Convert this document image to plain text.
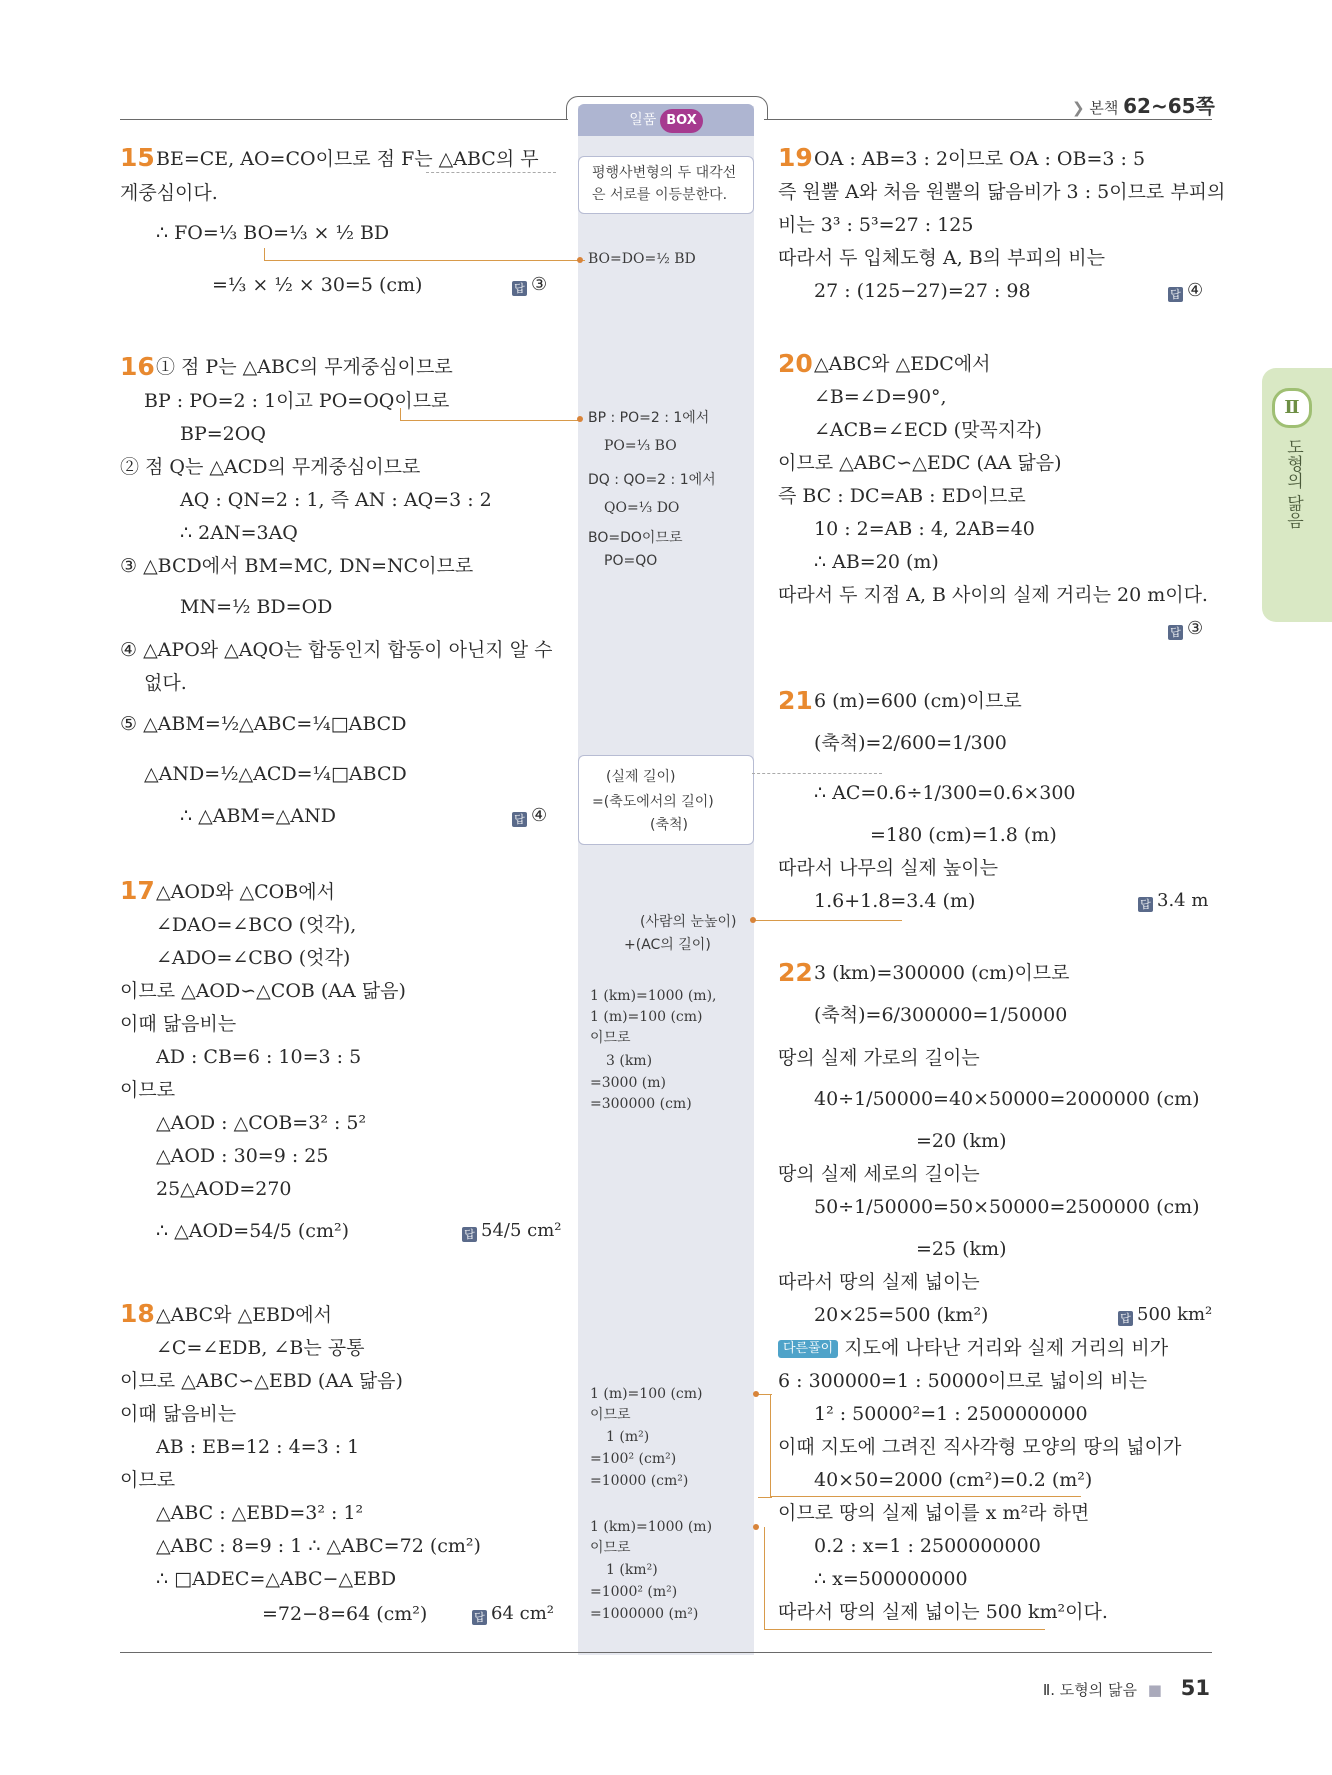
❯ 본책 62~65쪽
일품 BOX
평행사변형의 두 대각선
은 서로를 이등분한다.
BO=DO=½ BD
BP : PO=2 : 1에서
PO=⅓ BO
DQ : QO=2 : 1에서
QO=⅓ DO
BO=DO이므로
PO=QO
(실제 길이)
=(축도에서의 길이)
(축척)
(사람의 눈높이)
+(AC의 길이)
1 (km)=1000 (m),
1 (m)=100 (cm)
이므로
3 (km)
=3000 (m)
=300000 (cm)
1 (m)=100 (cm)
이므로
1 (m²)
=100² (cm²)
=10000 (cm²)
1 (km)=1000 (m)
이므로
1 (km²)
=1000² (m²)
=1000000 (m²)
15 BE=CE, AO=CO이므로 점 F는 △ABC의 무
게중심이다.
∴ FO=⅓ BO=⅓ × ½ BD
=⅓ × ½ × 30=5 (cm)	답 ③
16 ① 점 P는 △ABC의 무게중심이므로
BP : PO=2 : 1이고 PO=OQ이므로
BP=2OQ
② 점 Q는 △ACD의 무게중심이므로
AQ : QN=2 : 1, 즉 AN : AQ=3 : 2
∴ 2AN=3AQ
③ △BCD에서 BM=MC, DN=NC이므로
MN=½ BD=OD
④ △APO와 △AQO는 합동인지 합동이 아닌지 알 수
없다.
⑤ △ABM=½△ABC=¼□ABCD
△AND=½△ACD=¼□ABCD
∴ △ABM=△AND	답 ④
17 △AOD와 △COB에서
∠DAO=∠BCO (엇각),
∠ADO=∠CBO (엇각)
이므로 △AOD∽△COB (AA 닮음)
이때 닮음비는
AD : CB=6 : 10=3 : 5
이므로
△AOD : △COB=3² : 5²
△AOD : 30=9 : 25
25△AOD=270
∴ △AOD=54/5 (cm²)	답 54/5 cm²
18 △ABC와 △EBD에서
∠C=∠EDB, ∠B는 공통
이므로 △ABC∽△EBD (AA 닮음)
이때 닮음비는
AB : EB=12 : 4=3 : 1
이므로
△ABC : △EBD=3² : 1²
△ABC : 8=9 : 1 ∴ △ABC=72 (cm²)
∴ □ADEC=△ABC−△EBD
=72−8=64 (cm²)	답 64 cm²
19 OA : AB=3 : 2이므로 OA : OB=3 : 5
즉 원뿔 A와 처음 원뿔의 닮음비가 3 : 5이므로 부피의
비는 3³ : 5³=27 : 125
따라서 두 입체도형 A, B의 부피의 비는
27 : (125−27)=27 : 98	답 ④
20 △ABC와 △EDC에서
∠B=∠D=90°,
∠ACB=∠ECD (맞꼭지각)
이므로 △ABC∽△EDC (AA 닮음)
즉 BC : DC=AB : ED이므로
10 : 2=AB : 4, 2AB=40
∴ AB=20 (m)
따라서 두 지점 A, B 사이의 실제 거리는 20 m이다.
답 ③
21 6 (m)=600 (cm)이므로
(축척)=2/600=1/300
∴ AC=0.6÷1/300=0.6×300
=180 (cm)=1.8 (m)
따라서 나무의 실제 높이는
1.6+1.8=3.4 (m)	답 3.4 m
22 3 (km)=300000 (cm)이므로
(축척)=6/300000=1/50000
땅의 실제 가로의 길이는
40÷1/50000=40×50000=2000000 (cm)
=20 (km)
땅의 실제 세로의 길이는
50÷1/50000=50×50000=2500000 (cm)
=25 (km)
따라서 땅의 실제 넓이는
20×25=500 (km²)	답 500 km²
다른풀이 지도에 나타난 거리와 실제 거리의 비가
6 : 300000=1 : 50000이므로 넓이의 비는
1² : 50000²=1 : 2500000000
이때 지도에 그려진 직사각형 모양의 땅의 넓이가
40×50=2000 (cm²)=0.2 (m²)
이므로 땅의 실제 넓이를 x m²라 하면
0.2 : x=1 : 2500000000
∴ x=500000000
따라서 땅의 실제 넓이는 500 km²이다.
Ⅱ
도형의 닮음
Ⅱ. 도형의 닮음 ■ 51
